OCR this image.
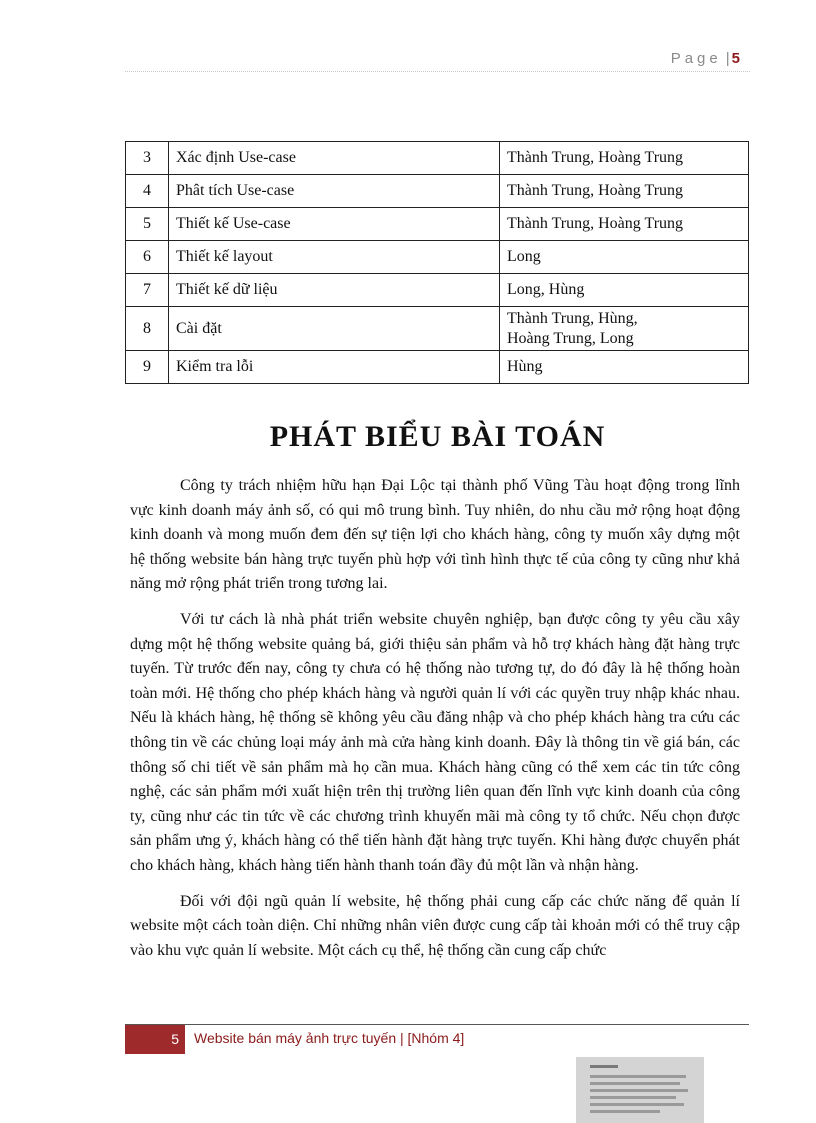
Page | 5
3	Xác định Use-case	Thành Trung, Hoàng Trung
4	Phât tích Use-case	Thành Trung, Hoàng Trung
5	Thiết kế Use-case	Thành Trung, Hoàng Trung
6	Thiết kế layout	Long
7	Thiết kế dữ liệu	Long, Hùng
8	Cài đặt	Thành Trung, Hùng,
Hoàng Trung, Long

9	Kiểm tra lỗi	Hùng
PHÁT BIỂU BÀI TOÁN

Công ty trách nhiệm hữu hạn Đại Lộc tại thành phố Vũng Tàu hoạt động trong lĩnh vực kinh doanh máy ảnh số, có qui mô trung bình. Tuy nhiên, do nhu cầu mở rộng hoạt động kinh doanh và mong muốn đem đến sự tiện lợi cho khách hàng, công ty muốn xây dựng một hệ thống website bán hàng trực tuyến phù hợp với tình hình thực tế của công ty cũng như khả năng mở rộng phát triển trong tương lai.

Với tư cách là nhà phát triển website chuyên nghiệp, bạn được công ty yêu cầu xây dựng một hệ thống website quảng bá, giới thiệu sản phẩm và hỗ trợ khách hàng đặt hàng trực tuyến. Từ trước đến nay, công ty chưa có hệ thống nào tương tự, do đó đây là hệ thống hoàn toàn mới. Hệ thống cho phép khách hàng và người quản lí với các quyền truy nhập khác nhau. Nếu là khách hàng, hệ thống sẽ không yêu cầu đăng nhập và cho phép khách hàng tra cứu các thông tin về các chủng loại máy ảnh mà cửa hàng kinh doanh. Đây là thông tin về giá bán, các thông số chi tiết về sản phẩm mà họ cần mua. Khách hàng cũng có thể xem các tin tức công nghệ, các sản phẩm mới xuất hiện trên thị trường liên quan đến lĩnh vực kinh doanh của công ty, cũng như các tin tức về các chương trình khuyến mãi mà công ty tổ chức. Nếu chọn được sản phẩm ưng ý, khách hàng có thể tiến hành đặt hàng trực tuyến. Khi hàng được chuyển phát cho khách hàng, khách hàng tiến hành thanh toán đầy đủ một lần và nhận hàng.

Đối với đội ngũ quản lí website, hệ thống phải cung cấp các chức năng để quản lí website một cách toàn diện. Chỉ những nhân viên được cung cấp tài khoản mới có thể truy cập vào khu vực quản lí website. Một cách cụ thể, hệ thống cần cung cấp chức

5	Website bán máy ảnh trực tuyến | [Nhóm 4]
